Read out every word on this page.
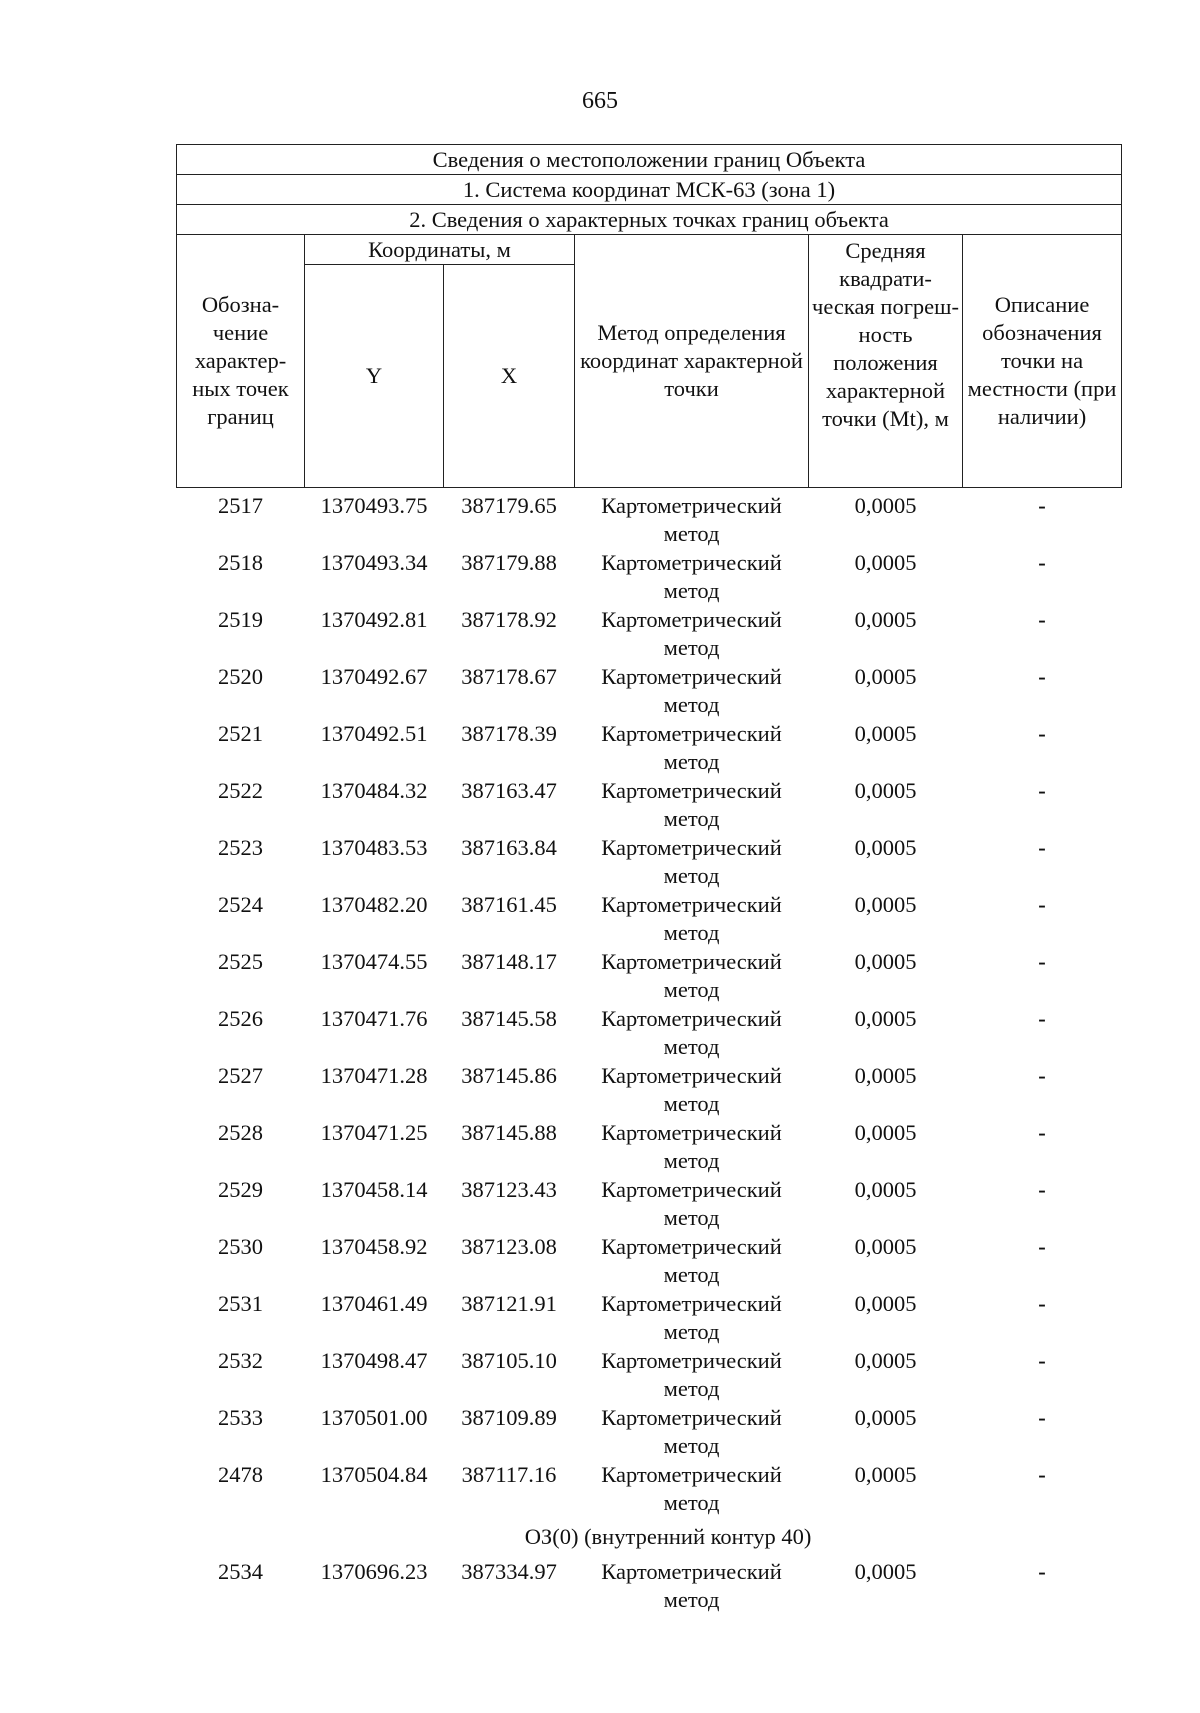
665
Сведения о местоположении границ Объекта					
1. Система координат МСК-63 (зона 1)					
2. Сведения о характерных точках границ объекта					
Обозна-чение характер-ных точек границ	Координаты, м		Метод определения координат характерной точки	Средняя квадрати-ческая погреш-ность положения характерной точки (Mt), м	Описание обозначения точки на местности (при наличии)
	Y	X			
2517	1370493.75	387179.65	Картометрический метод	0,0005	-
2518	1370493.34	387179.88	Картометрический метод	0,0005	-
2519	1370492.81	387178.92	Картометрический метод	0,0005	-
2520	1370492.67	387178.67	Картометрический метод	0,0005	-
2521	1370492.51	387178.39	Картометрический метод	0,0005	-
2522	1370484.32	387163.47	Картометрический метод	0,0005	-
2523	1370483.53	387163.84	Картометрический метод	0,0005	-
2524	1370482.20	387161.45	Картометрический метод	0,0005	-
2525	1370474.55	387148.17	Картометрический метод	0,0005	-
2526	1370471.76	387145.58	Картометрический метод	0,0005	-
2527	1370471.28	387145.86	Картометрический метод	0,0005	-
2528	1370471.25	387145.88	Картометрический метод	0,0005	-
2529	1370458.14	387123.43	Картометрический метод	0,0005	-
2530	1370458.92	387123.08	Картометрический метод	0,0005	-
2531	1370461.49	387121.91	Картометрический метод	0,0005	-
2532	1370498.47	387105.10	Картометрический метод	0,0005	-
2533	1370501.00	387109.89	Картометрический метод	0,0005	-
2478	1370504.84	387117.16	Картометрический метод	0,0005	-
ОЗ(0) (внутренний контур 40)					
2534	1370696.23	387334.97	Картометрический метод	0,0005	-
